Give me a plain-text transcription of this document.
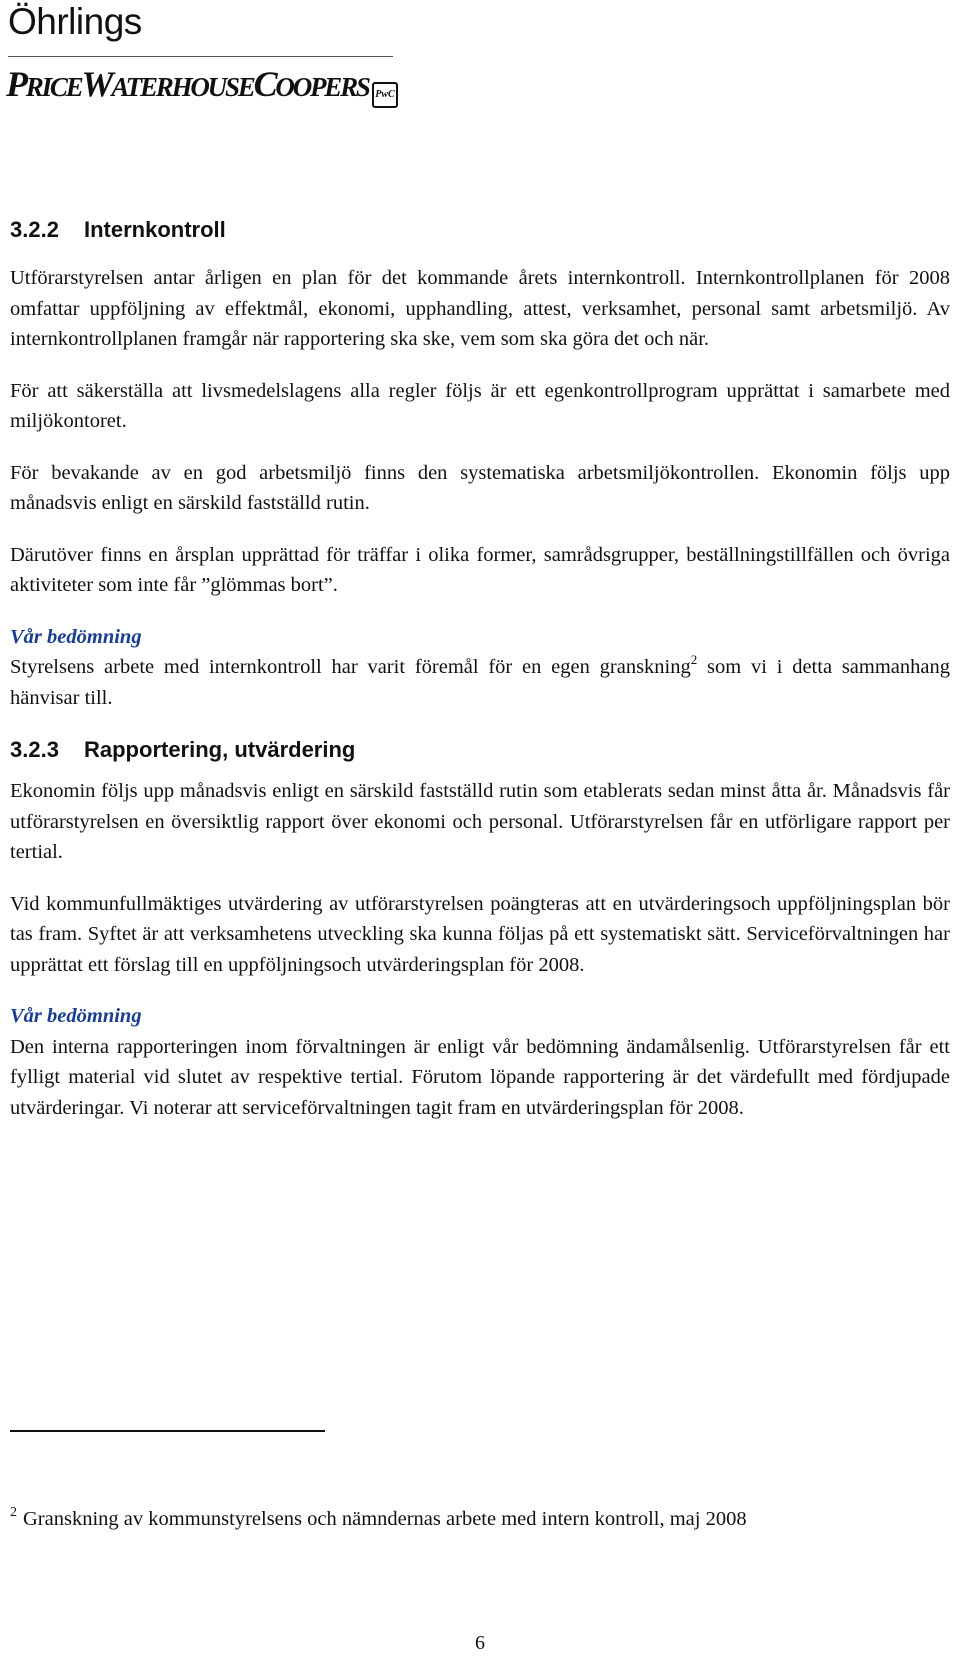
Öhrlings
PRICEWATERHOUSECOOPERS PwC
3.2.2 Internkontroll

Utförarstyrelsen antar årligen en plan för det kommande årets internkontroll. Internkontrollplanen för 2008 omfattar uppföljning av effektmål, ekonomi, upphandling, attest, verksamhet, personal samt arbetsmiljö. Av internkontrollplanen framgår när rapportering ska ske, vem som ska göra det och när.

För att säkerställa att livsmedelslagens alla regler följs är ett egenkontrollprogram upprättat i samarbete med miljökontoret.

För bevakande av en god arbetsmiljö finns den systematiska arbetsmiljökontrollen. Ekonomin följs upp månadsvis enligt en särskild fastställd rutin.

Därutöver finns en årsplan upprättad för träffar i olika former, samrådsgrupper, beställningstillfällen och övriga aktiviteter som inte får ”glömmas bort”.

Vår bedömning
Styrelsens arbete med internkontroll har varit föremål för en egen granskning$^2$ som vi i detta sammanhang hänvisar till.

3.2.3 Rapportering, utvärdering

Ekonomin följs upp månadsvis enligt en särskild fastställd rutin som etablerats sedan minst åtta år. Månadsvis får utförarstyrelsen en översiktlig rapport över ekonomi och personal. Utförarstyrelsen får en utförligare rapport per tertial.

Vid kommunfullmäktiges utvärdering av utförarstyrelsen poängteras att en utvärderingsoch uppföljningsplan bör tas fram. Syftet är att verksamhetens utveckling ska kunna följas på ett systematiskt sätt. Serviceförvaltningen har upprättat ett förslag till en uppföljningsoch utvärderingsplan för 2008.

Vår bedömning
Den interna rapporteringen inom förvaltningen är enligt vår bedömning ändamålsenlig. Utförarstyrelsen får ett fylligt material vid slutet av respektive tertial. Förutom löpande rapportering är det värdefullt med fördjupade utvärderingar. Vi noterar att serviceförvaltningen tagit fram en utvärderingsplan för 2008.

$^2$ Granskning av kommunstyrelsens och nämndernas arbete med intern kontroll, maj 2008
6
